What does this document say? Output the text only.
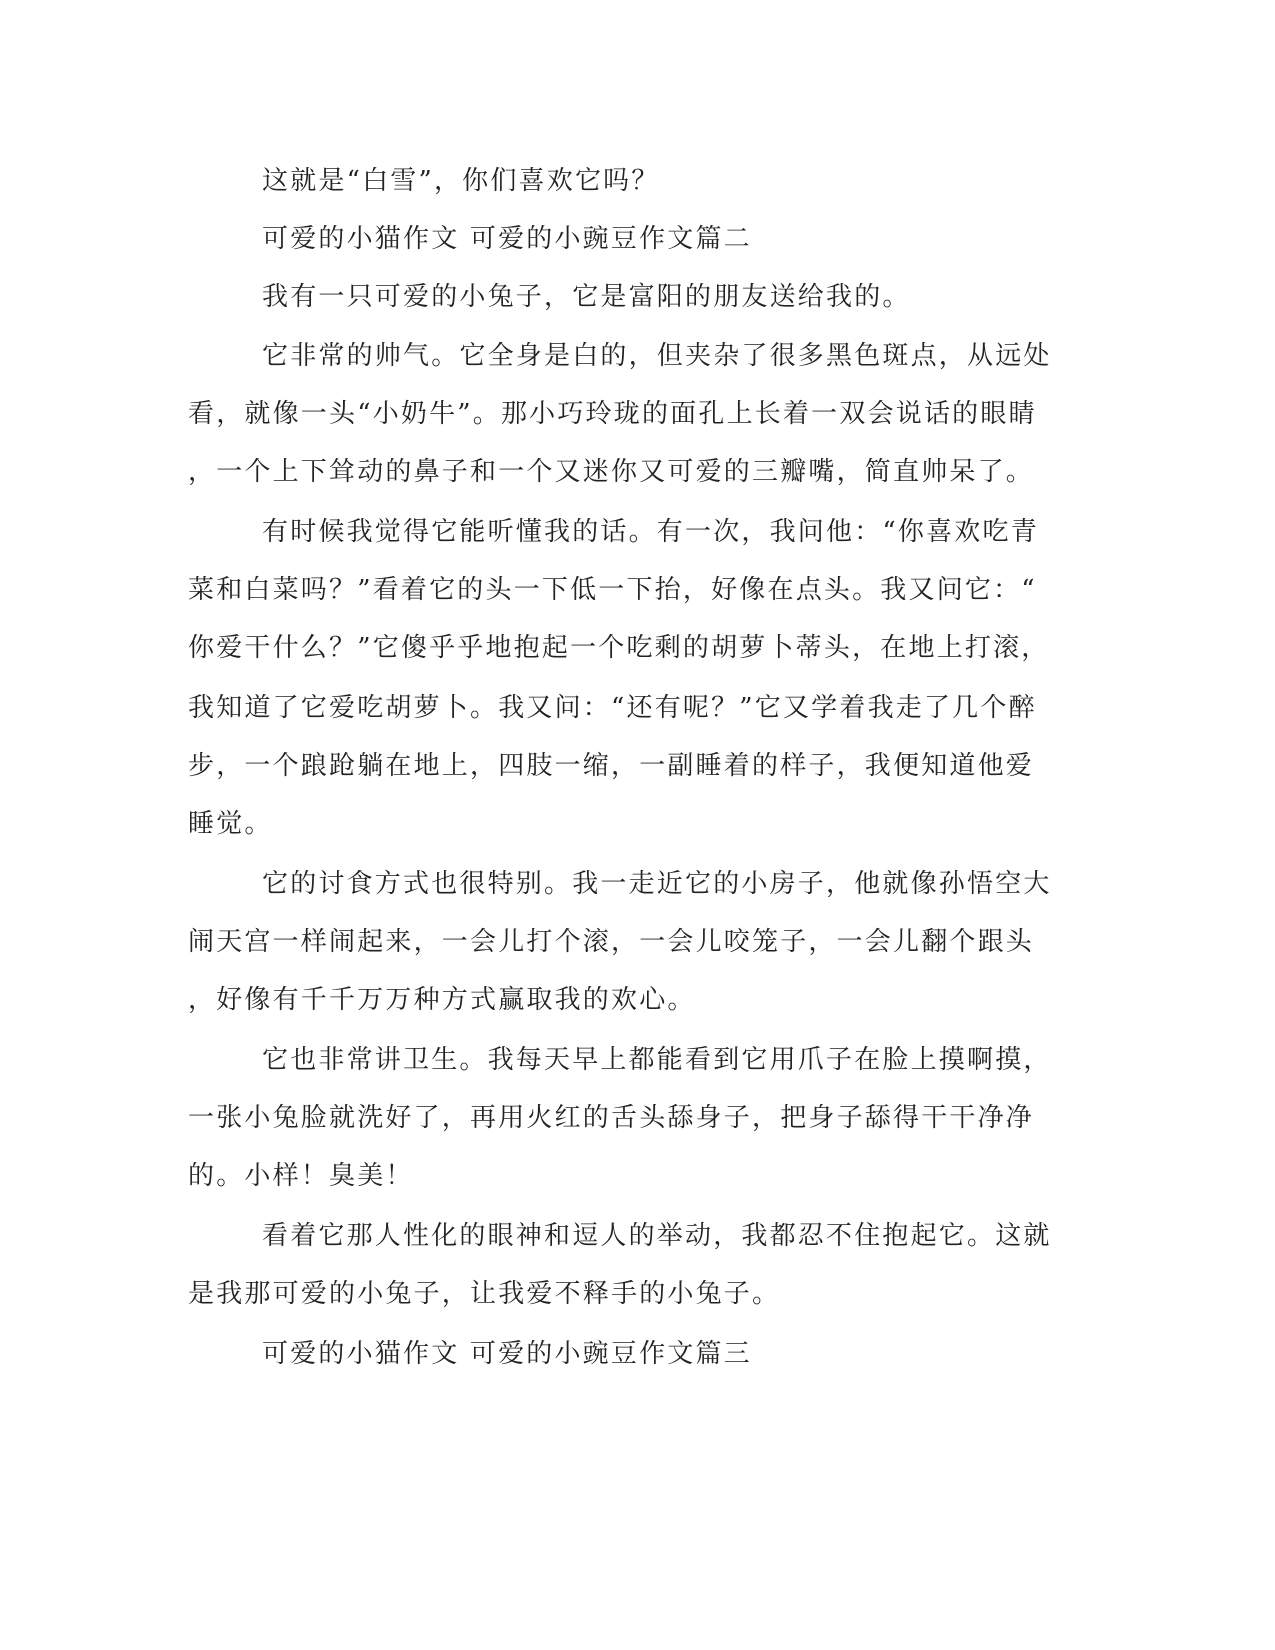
这就是“白雪”，你们喜欢它吗？
可爱的小猫作文 可爱的小豌豆作文篇二
我有一只可爱的小兔子，它是富阳的朋友送给我的。
它非常的帅气。它全身是白的，但夹杂了很多黑色斑点，从远处
看，就像一头“小奶牛”。那小巧玲珑的面孔上长着一双会说话的眼睛
，一个上下耸动的鼻子和一个又迷你又可爱的三瓣嘴，简直帅呆了。
有时候我觉得它能听懂我的话。有一次，我问他：“你喜欢吃青
菜和白菜吗？”看着它的头一下低一下抬，好像在点头。我又问它：“
你爱干什么？”它傻乎乎地抱起一个吃剩的胡萝卜蒂头，在地上打滚，
我知道了它爱吃胡萝卜。我又问：“还有呢？”它又学着我走了几个醉
步，一个踉跄躺在地上，四肢一缩，一副睡着的样子，我便知道他爱
睡觉。
它的讨食方式也很特别。我一走近它的小房子，他就像孙悟空大
闹天宫一样闹起来，一会儿打个滚，一会儿咬笼子，一会儿翻个跟头
，好像有千千万万种方式赢取我的欢心。
它也非常讲卫生。我每天早上都能看到它用爪子在脸上摸啊摸，
一张小兔脸就洗好了，再用火红的舌头舔身子，把身子舔得干干净净
的。小样！臭美！
看着它那人性化的眼神和逗人的举动，我都忍不住抱起它。这就
是我那可爱的小兔子，让我爱不释手的小兔子。
可爱的小猫作文 可爱的小豌豆作文篇三
